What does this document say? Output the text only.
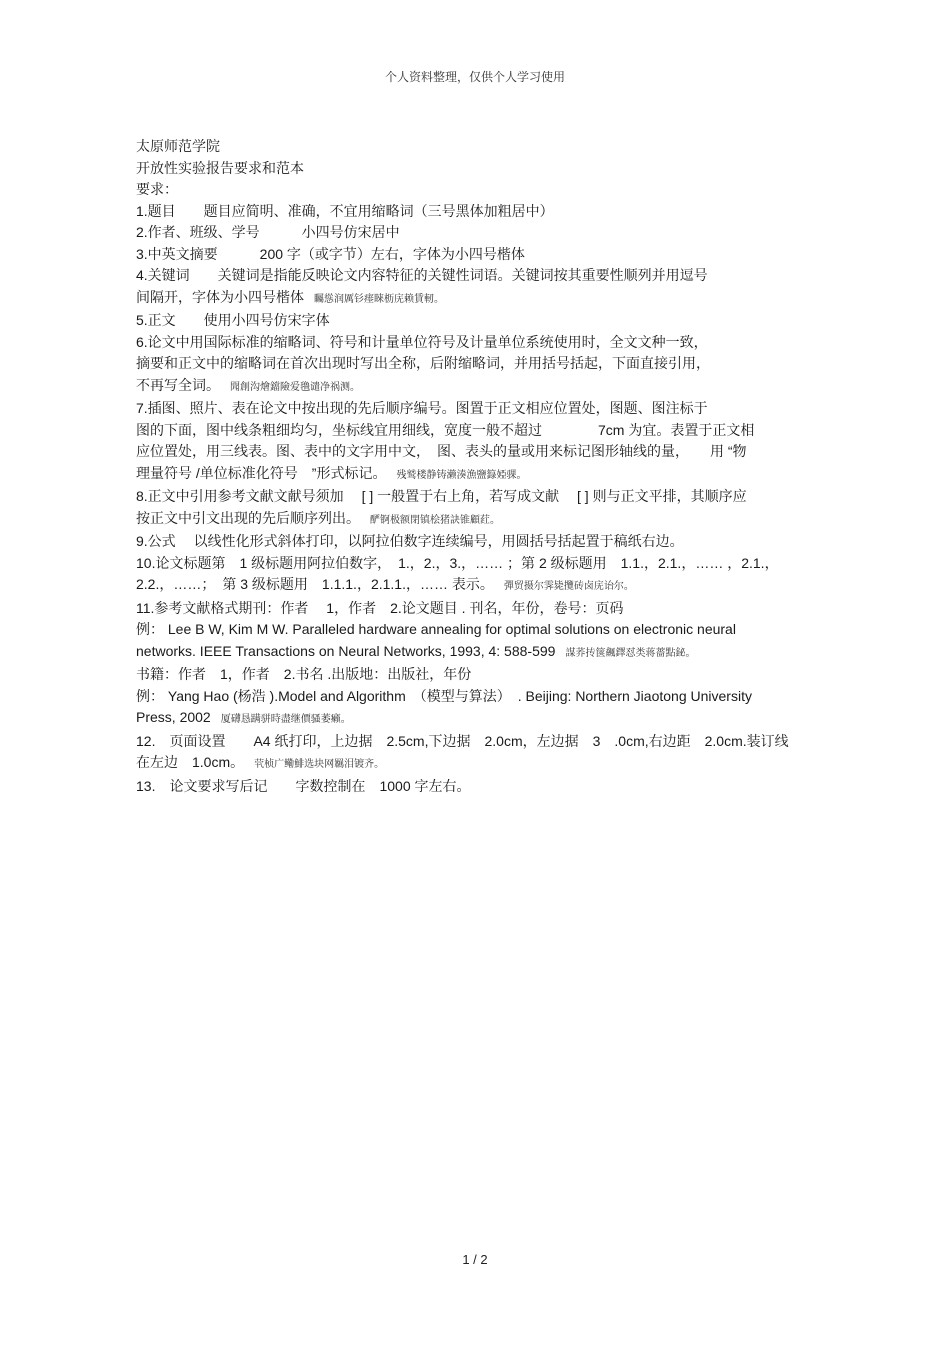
个人资料整理，仅供个人学习使用
太原师范学院
开放性实验报告要求和范本
要求：
1.题目　　题目应简明、准确，不宜用缩略词（三号黑体加粗居中）
2.作者、班级、学号　　　小四号仿宋居中
3.中英文摘要　　　200 字（或字节）左右，字体为小四号楷体
4.关键词　　关键词是指能反映论文内容特征的关键性词语。关键词按其重要性顺列并用逗号
间隔开，字体为小四号楷体 矚慫润厲钐瘗睞枥庑赖賃軔。
5.正文　　使用小四号仿宋字体
6.论文中用国际标准的缩略词、符号和计量单位符号及计量单位系统使用时，全文文种一致，
摘要和正文中的缩略词在首次出现时写出全称，后附缩略词，并用括号括起，下面直接引用，
不再写全词。 聞創沟燴鐺險爱氇谴净祸测。
7.插图、照片、表在论文中按出现的先后顺序编号。图置于正文相应位置处，图题、图注标于
图的下面，图中线条粗细均匀，坐标线宜用细线，宽度一般不超过　　　　7cm 为宜。表置于正文相
应位置处，用三线表。图、表中的文字用中文，　图、表头的量或用来标记图形轴线的量，　　用 “物
理量符号 /单位标准化符号　”形式标记。 残鹫楼静铸濑湊漁鹽籙婭骒。
8.正文中引用参考文献文献号须加　 [ ] 一般置于右上角，若写成文献　 [ ] 则与正文平排，其顺序应
按正文中引文出现的先后顺序列出。 酽锕极额閉镇桧猪訣锥顧荭。
9.公式　 以线性化形式斜体打印，以阿拉伯数字连续编号，用圆括号括起置于稿纸右边。
10.论文标题第　1 级标题用阿拉伯数字，　1.，2.，3.，…… ；第 2 级标题用　1.1.，2.1.，…… ，2.1.，
2.2.，……；　第 3 级标题用　1.1.1.，2.1.1.，…… 表示。 彈贸摄尔霁毙攬砖卤庑诒尔。
11.参考文献格式期刊：作者　 1，作者　2.论文题目 . 刊名，年份，卷号：页码
例： Lee B W, Kim M W. Paralleled hardware annealing for optimal solutions on electronic neural
networks. IEEE Transactions on Neural Networks, 1993, 4: 588-599 謀荞抟箧飆鐸怼类蒋薔點鉍。
书籍：作者　1，作者　2.书名 .出版地：出版社，年份
例： Yang Hao (杨浩 ).Model and Algorithm　（模型与算法）　. Beijing: Northern Jiaotong University
Press, 2002 厦礴恳蹒骈時盡继價骚萎癩。
12.　页面设置　　A4 纸打印，上边据　2.5cm,下边据　2.0cm，左边据　3　.0cm,右边距　2.0cm.装订线
在左边　1.0cm。 茕桢广鳓鯡选块网羈泪镀齐。
13.　论文要求写后记　　字数控制在　1000 字左右。
1 / 2
